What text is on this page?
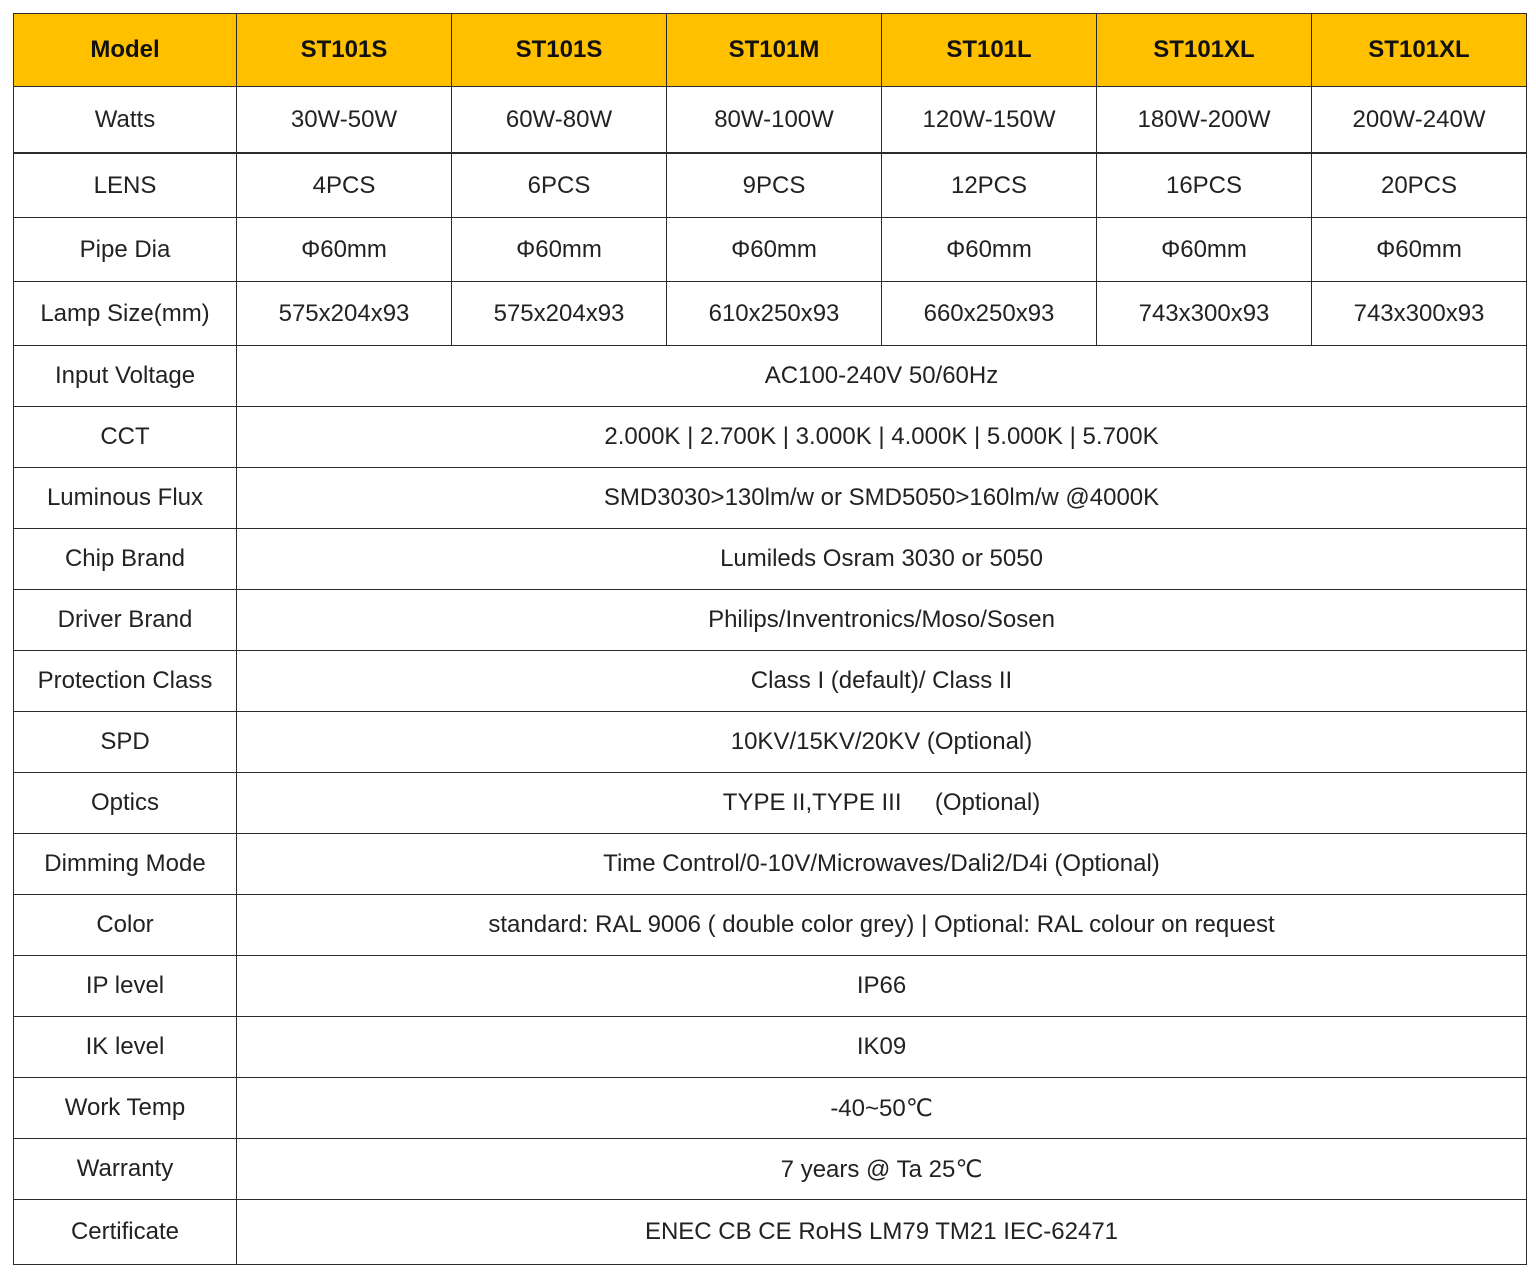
Model	ST101S	ST101S	ST101M	ST101L	ST101XL	ST101XL
Watts	30W-50W	60W-80W	80W-100W	120W-150W	180W-200W	200W-240W
LENS	4PCS	6PCS	9PCS	12PCS	16PCS	20PCS
Pipe Dia	Φ60mm	Φ60mm	Φ60mm	Φ60mm	Φ60mm	Φ60mm
Lamp Size(mm)	575x204x93	575x204x93	610x250x93	660x250x93	743x300x93	743x300x93
Input Voltage	AC100-240V 50/60Hz					
CCT	2.000K | 2.700K | 3.000K | 4.000K | 5.000K | 5.700K					
Luminous Flux	SMD3030>130lm/w or SMD5050>160lm/w @4000K					
Chip Brand	Lumileds Osram 3030 or 5050					
Driver Brand	Philips/Inventronics/Moso/Sosen					
Protection Class	Class I (default)/ Class II					
SPD	10KV/15KV/20KV (Optional)					
Optics	TYPE II,TYPE III     (Optional)					
Dimming Mode	Time Control/0-10V/Microwaves/Dali2/D4i (Optional)					
Color	standard: RAL 9006 ( double color grey) | Optional: RAL colour on request					
IP level	IP66					
IK level	IK09					
Work Temp	-40~50℃					
Warranty	7 years @ Ta 25℃					
Certificate	ENEC CB CE RoHS LM79 TM21 IEC-62471					
